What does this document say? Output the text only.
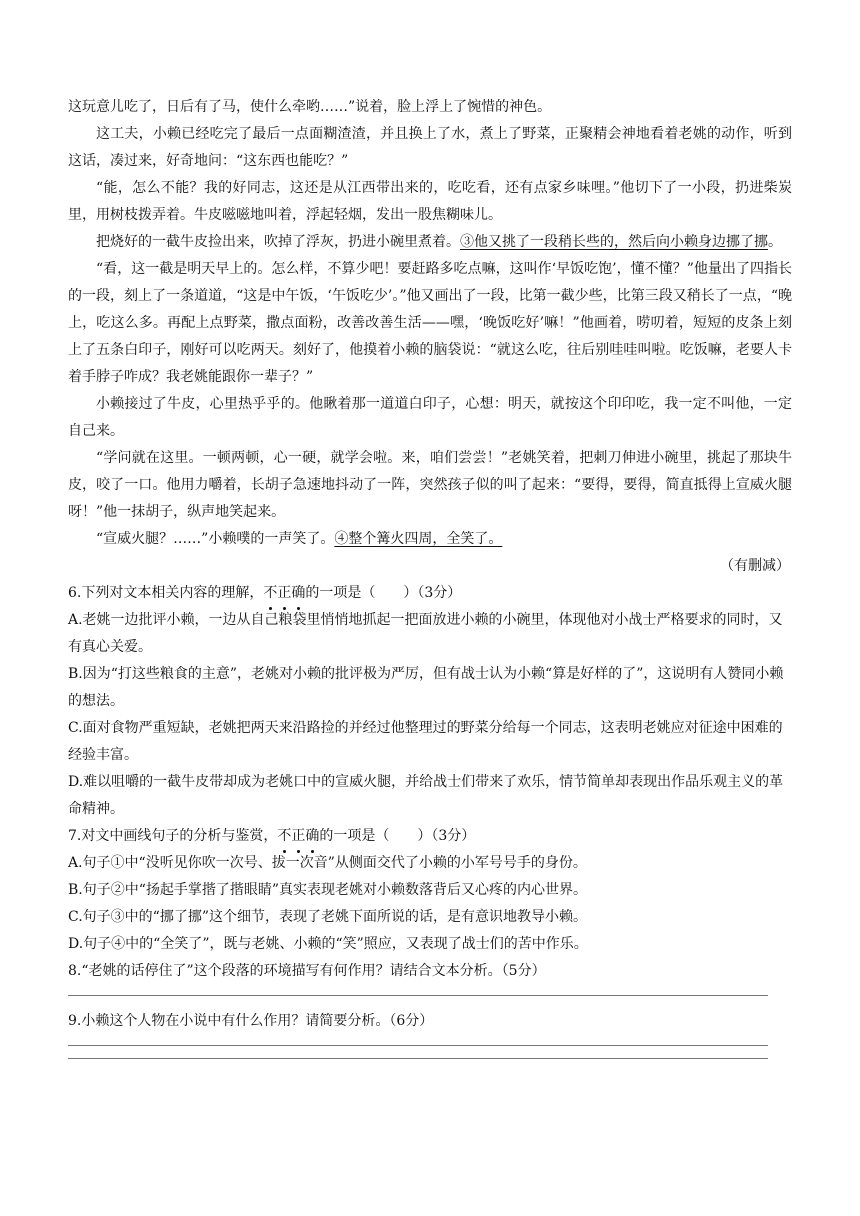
这玩意儿吃了，日后有了马，使什么牵哟……”说着，脸上浮上了惋惜的神色。

这工夫，小赖已经吃完了最后一点面糊渣渣，并且换上了水，煮上了野菜，正聚精会神地看着老姚的动作，听到这话，凑过来，好奇地问：“这东西也能吃？”

“能，怎么不能？我的好同志，这还是从江西带出来的，吃吃看，还有点家乡味哩。”他切下了一小段，扔进柴炭里，用树枝拨弄着。牛皮嗞嗞地叫着，浮起轻烟，发出一股焦糊味儿。

把烧好的一截牛皮捡出来，吹掉了浮灰，扔进小碗里煮着。③他又挑了一段稍长些的，然后向小赖身边挪了挪。

“看，这一截是明天早上的。怎么样，不算少吧！要赶路多吃点嘛，这叫作‘早饭吃饱’，懂不懂？”他量出了四指长的一段，刻上了一条道道，“这是中午饭，‘午饭吃少’。”他又画出了一段，比第一截少些，比第三段又稍长了一点，“晚上，吃这么多。再配上点野菜，撒点面粉，改善改善生活——嘿，‘晚饭吃好’嘛！”他画着，唠叨着，短短的皮条上刻上了五条白印子，刚好可以吃两天。刻好了，他摸着小赖的脑袋说：“就这么吃，往后别哇哇叫啦。吃饭嘛，老要人卡着手脖子咋成？我老姚能跟你一辈子？”

小赖接过了牛皮，心里热乎乎的。他瞅着那一道道白印子，心想：明天，就按这个印印吃，我一定不叫他，一定自己来。

“学问就在这里。一顿两顿，心一硬，就学会啦。来，咱们尝尝！”老姚笑着，把刺刀伸进小碗里，挑起了那块牛皮，咬了一口。他用力嚼着，长胡子急速地抖动了一阵，突然孩子似的叫了起来：“要得，要得，简直抵得上宣威火腿呀！”他一抹胡子，纵声地笑起来。

“宣威火腿？……”小赖噗的一声笑了。④整个篝火四周，全笑了。

（有删减）

6.下列对文本相关内容的理解，不正确的一项是（　　）（3分）

A.老姚一边批评小赖，一边从自己粮袋里悄悄地抓起一把面放进小赖的小碗里，体现他对小战士严格要求的同时，又有真心关爱。

B.因为“打这些粮食的主意”，老姚对小赖的批评极为严厉，但有战士认为小赖“算是好样的了”，这说明有人赞同小赖的想法。

C.面对食物严重短缺，老姚把两天来沿路捡的并经过他整理过的野菜分给每一个同志，这表明老姚应对征途中困难的经验丰富。

D.难以咀嚼的一截牛皮带却成为老姚口中的宣威火腿，并给战士们带来了欢乐，情节简单却表现出作品乐观主义的革命精神。

7.对文中画线句子的分析与鉴赏，不正确的一项是（　　）（3分）

A.句子①中“没听见你吹一次号、拔一次音”从侧面交代了小赖的小军号号手的身份。

B.句子②中“扬起手掌揩了揩眼睛”真实表现老姚对小赖数落背后又心疼的内心世界。

C.句子③中的“挪了挪”这个细节，表现了老姚下面所说的话，是有意识地教导小赖。

D.句子④中的“全笑了”，既与老姚、小赖的“笑”照应，又表现了战士们的苦中作乐。

8.“老姚的话停住了”这个段落的环境描写有何作用？请结合文本分析。（5分）

9.小赖这个人物在小说中有什么作用？请简要分析。（6分）
